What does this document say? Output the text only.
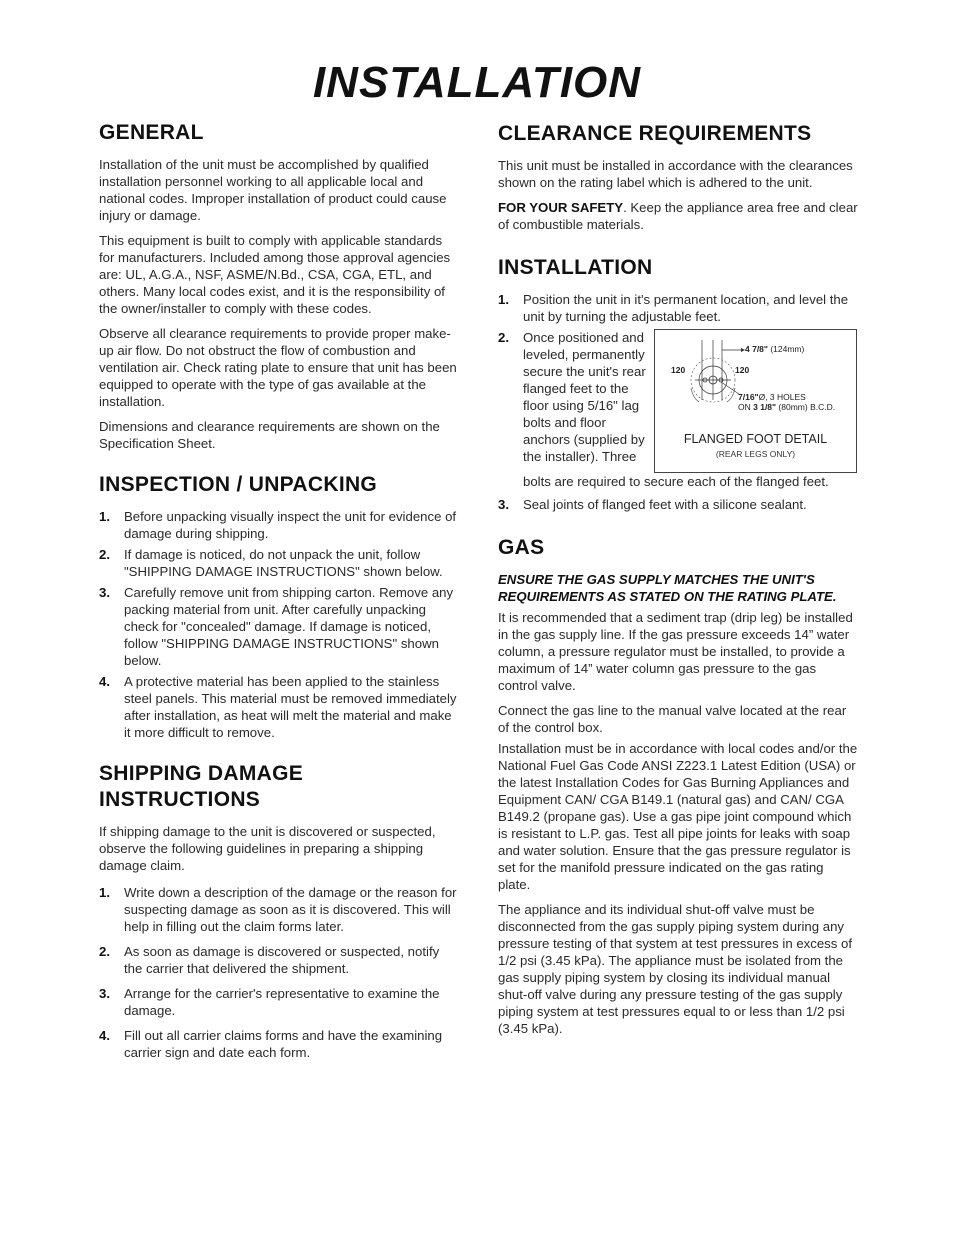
INSTALLATION
GENERAL

Installation of the unit must be accomplished by qualified installation personnel working to all applicable local and national codes. Improper installation of product could cause injury or damage.

This equipment is built to comply with applicable standards for manufacturers. Included among those approval agencies are: UL, A.G.A., NSF, ASME/N.Bd., CSA, CGA, ETL, and others. Many local codes exist, and it is the responsibility of the owner/installer to comply with these codes.

Observe all clearance requirements to provide proper make-up air flow. Do not obstruct the flow of combustion and ventilation air. Check rating plate to ensure that unit has been equipped to operate with the type of gas available at the installation.

Dimensions and clearance requirements are shown on the Specification Sheet.

INSPECTION / UNPACKING
1.	Before unpacking visually inspect the unit for evidence of damage during shipping.
2.	If damage is noticed, do not unpack the unit, follow "SHIPPING DAMAGE INSTRUCTIONS" shown below.
3.	Carefully remove unit from shipping carton. Remove any packing material from unit. After carefully unpacking check for "concealed" damage. If damage is noticed, follow "SHIPPING DAMAGE INSTRUCTIONS" shown below.
4.	A protective material has been applied to the stainless steel panels. This material must be removed immediately after installation, as heat will melt the material and make it more difficult to remove.
SHIPPING DAMAGE INSTRUCTIONS

If shipping damage to the unit is discovered or suspected, observe the following guidelines in preparing a shipping damage claim.

1.	Write down a description of the damage or the reason for suspecting damage as soon as it is discovered. This will help in filling out the claim forms later.
2.	As soon as damage is discovered or suspected, notify the carrier that delivered the shipment.
3.	Arrange for the carrier's representative to examine the damage.
4.	Fill out all carrier claims forms and have the examining carrier sign and date each form.
CLEARANCE REQUIREMENTS

This unit must be installed in accordance with the clearances shown on the rating label which is adhered to the unit.

FOR YOUR SAFETY. Keep the appliance area free and clear of combustible materials.

INSTALLATION
1.	Position the unit in it's permanent location, and level the unit by turning the adjustable feet.
2.	Once positioned and leveled, permanently secure the unit's rear flanged feet to the floor using 5/16" lag bolts and floor anchors (supplied by the installer). Three
4 7/8" (124mm)
120	120
7/16"Ø, 3 HOLES
ON 3 1/8" (80mm) B.C.D.
FLANGED FOOT DETAIL
(REAR LEGS ONLY)
bolts are required to secure each of the flanged feet.
3.	Seal joints of flanged feet with a silicone sealant.
GAS

ENSURE THE GAS SUPPLY MATCHES THE UNIT'S REQUIREMENTS AS STATED ON THE RATING PLATE.

It is recommended that a sediment trap (drip leg) be installed in the gas supply line. If the gas pressure exceeds 14” water column, a pressure regulator must be installed, to provide a maximum of 14” water column gas pressure to the gas control valve.

Connect the gas line to the manual valve located at the rear of the control box.

Installation must be in accordance with local codes and/or the National Fuel Gas Code ANSI Z223.1 Latest Edition (USA) or the latest Installation Codes for Gas Burning Appliances and Equipment CAN/ CGA B149.1 (natural gas) and CAN/ CGA B149.2 (propane gas). Use a gas pipe joint compound which is resistant to L.P. gas. Test all pipe joints for leaks with soap and water solution. Ensure that the gas pressure regulator is set for the manifold pressure indicated on the gas rating plate.

The appliance and its individual shut-off valve must be disconnected from the gas supply piping system during any pressure testing of that system at test pressures in excess of 1/2 psi (3.45 kPa). The appliance must be isolated from the gas supply piping system by closing its individual manual shut-off valve during any pressure testing of the gas supply piping system at test pressures equal to or less than 1/2 psi (3.45 kPa).
